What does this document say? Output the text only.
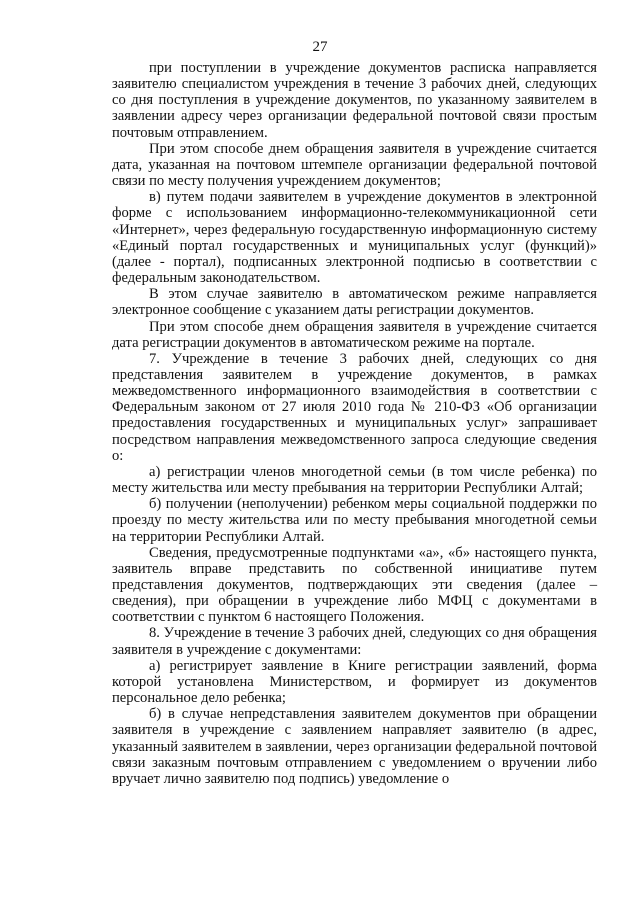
27

при поступлении в учреждение документов расписка направляется заявителю специалистом учреждения в течение 3 рабочих дней, следующих со дня поступления в учреждение документов, по указанному заявителем в заявлении адресу через организации федеральной почтовой связи простым почтовым отправлением.

При этом способе днем обращения заявителя в учреждение считается дата, указанная на почтовом штемпеле организации федеральной почтовой связи по месту получения учреждением документов;

в) путем подачи заявителем в учреждение документов в электронной форме с использованием информационно-телекоммуникационной сети «Интернет», через федеральную государственную информационную систему «Единый портал государственных и муниципальных услуг (функций)» (далее - портал), подписанных электронной подписью в соответствии с федеральным законодательством.

В этом случае заявителю в автоматическом режиме направляется электронное сообщение с указанием даты регистрации документов.

При этом способе днем обращения заявителя в учреждение считается дата регистрации документов в автоматическом режиме на портале.

7. Учреждение в течение 3 рабочих дней, следующих со дня представления заявителем в учреждение документов, в рамках межведомственного информационного взаимодействия в соответствии с Федеральным законом от 27 июля 2010 года № 210-ФЗ «Об организации предоставления государственных и муниципальных услуг» запрашивает посредством направления межведомственного запроса следующие сведения о:

а) регистрации членов многодетной семьи (в том числе ребенка) по месту жительства или месту пребывания на территории Республики Алтай;

б) получении (неполучении) ребенком меры социальной поддержки по проезду по месту жительства или по месту пребывания многодетной семьи на территории Республики Алтай.

Сведения, предусмотренные подпунктами «а», «б» настоящего пункта, заявитель вправе представить по собственной инициативе путем представления документов, подтверждающих эти сведения (далее – сведения), при обращении в учреждение либо МФЦ с документами в соответствии с пунктом 6 настоящего Положения.

8. Учреждение в течение 3 рабочих дней, следующих со дня обращения заявителя в учреждение с документами:

а) регистрирует заявление в Книге регистрации заявлений, форма которой установлена Министерством, и формирует из документов персональное дело ребенка;

б) в случае непредставления заявителем документов при обращении заявителя в учреждение с заявлением направляет заявителю (в адрес, указанный заявителем в заявлении, через организации федеральной почтовой связи заказным почтовым отправлением с уведомлением о вручении либо вручает лично заявителю под подпись) уведомление о
